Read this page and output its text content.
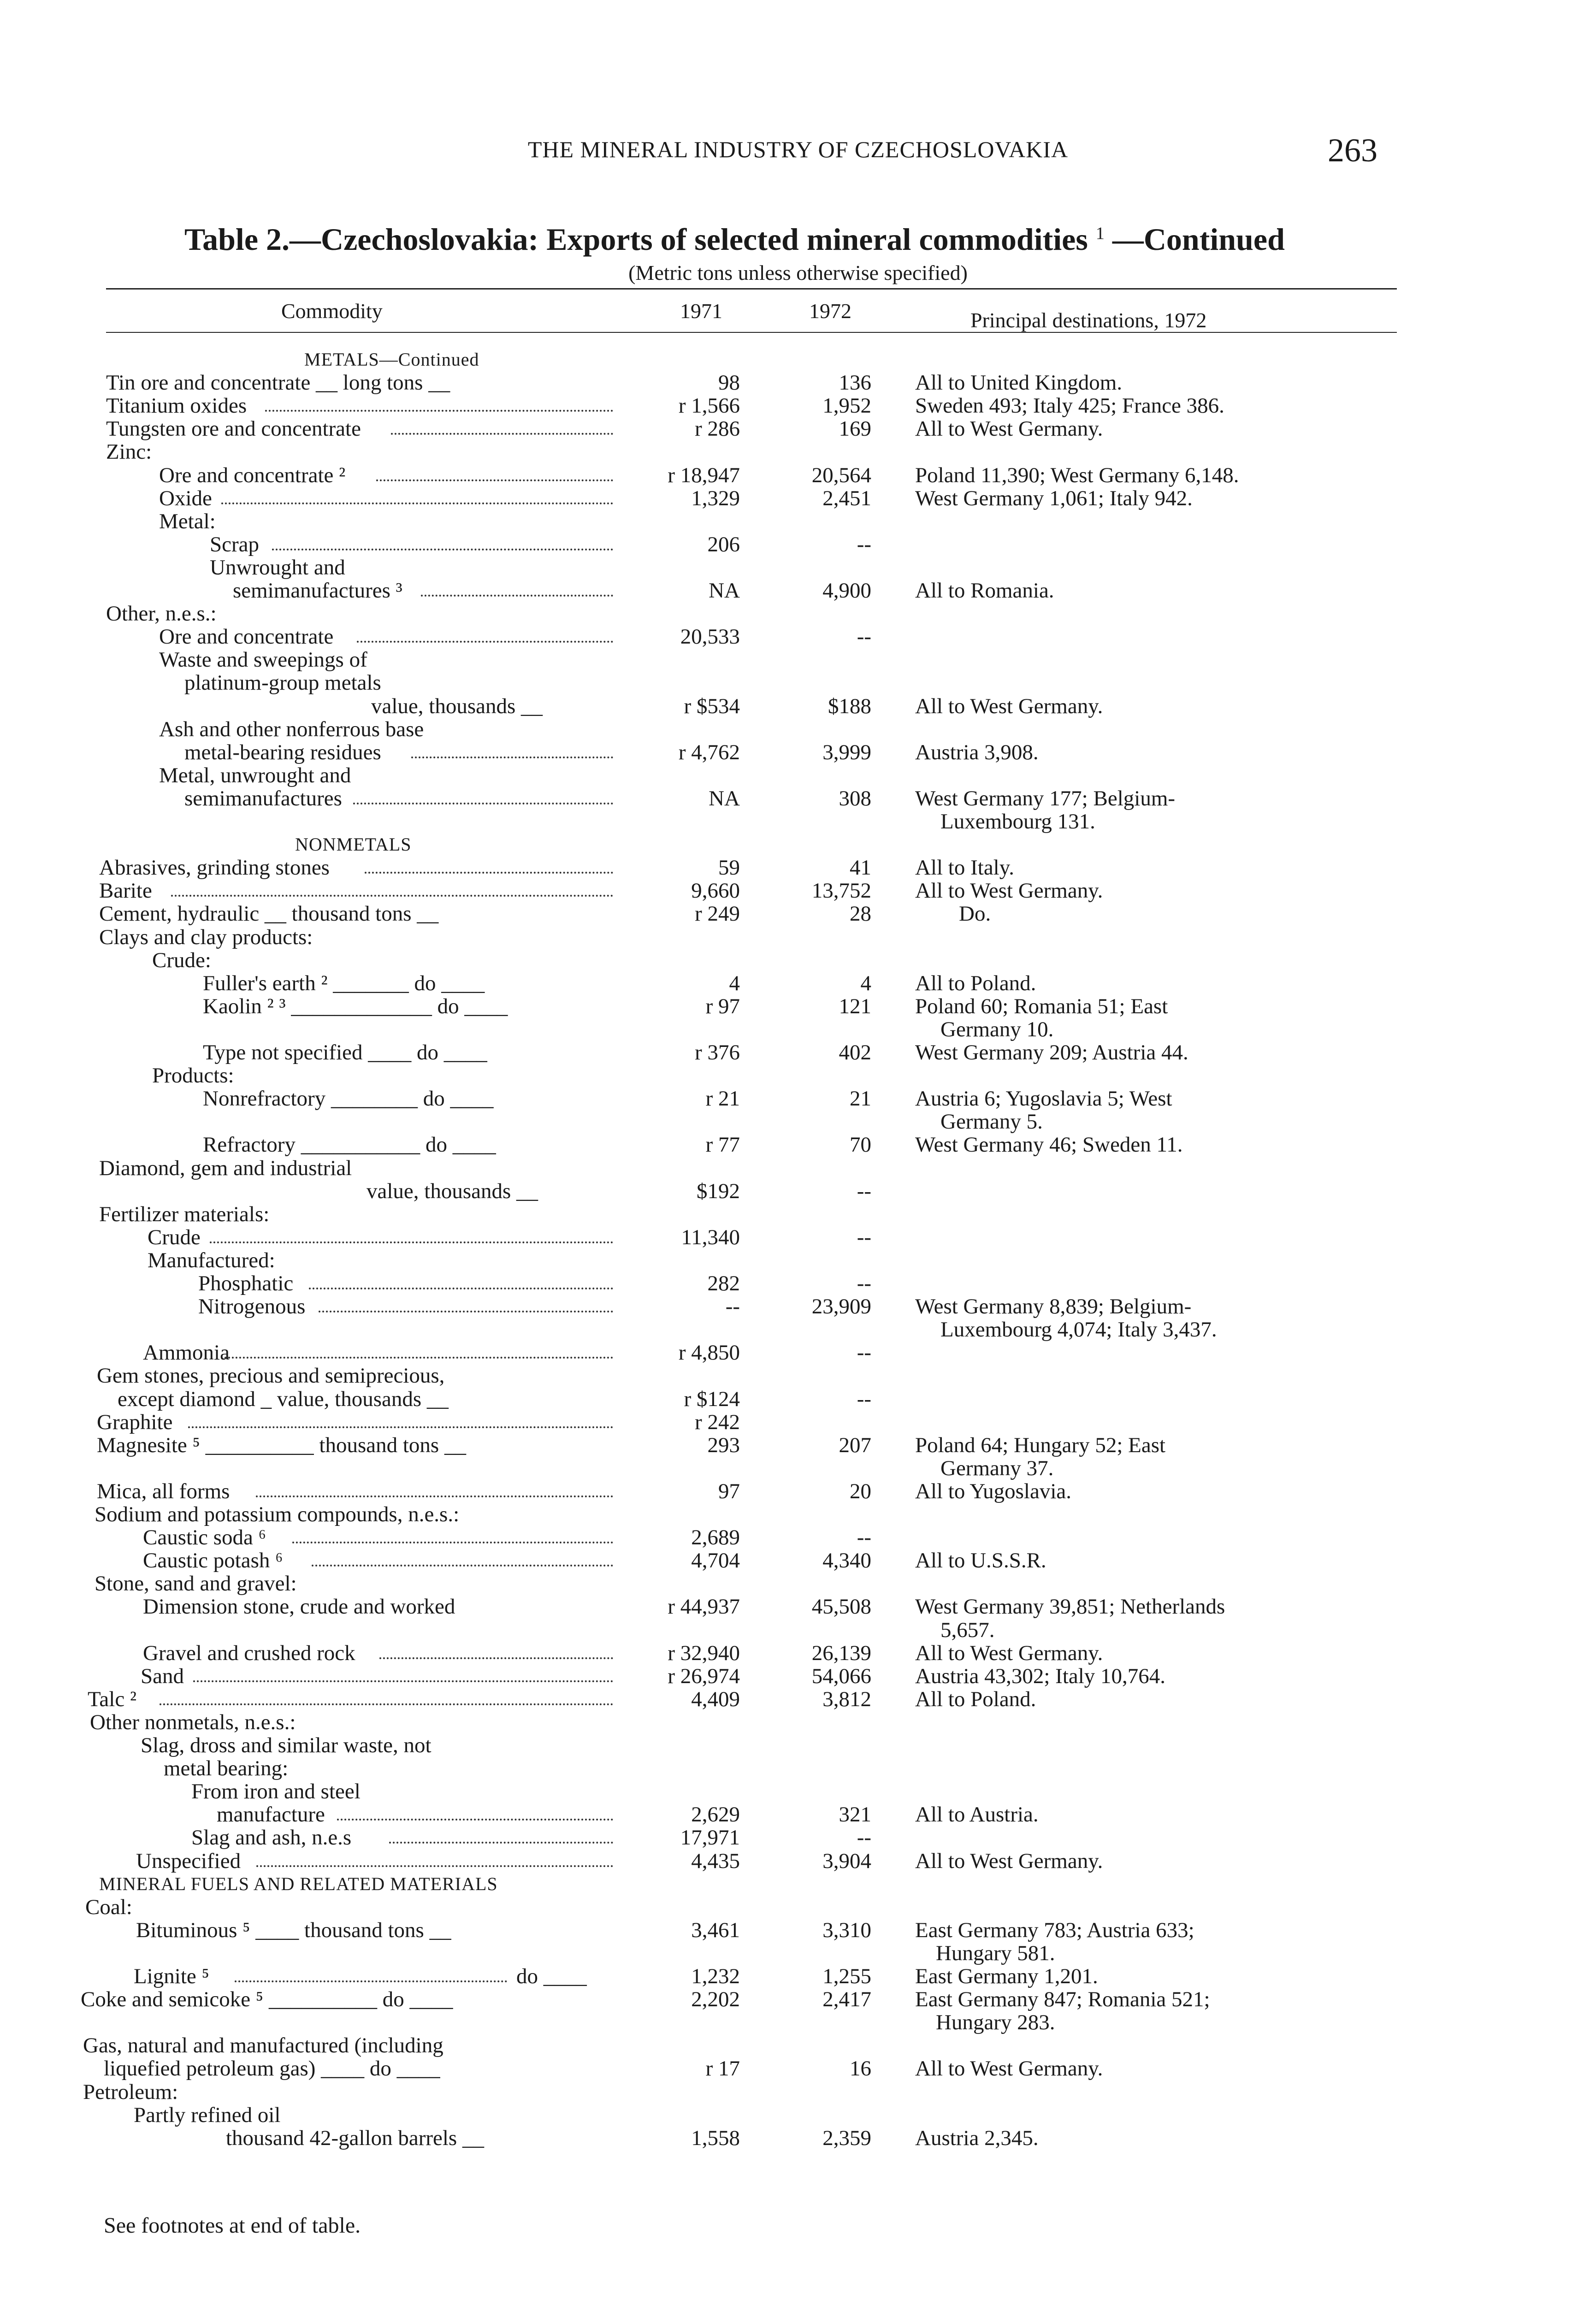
THE MINERAL INDUSTRY OF CZECHOSLOVAKIA	263
Table 2.—Czechoslovakia: Exports of selected mineral commodities $^1$ —Continued
(Metric tons unless otherwise specified)
Commodity	1971	1972	Principal destinations, 1972
METALS—Continued
Tin ore and concentrate __ long tons __	98	136 All to United Kingdom.
Titanium oxides	r 1,566	1,952 Sweden 493; Italy 425; France 386.
Tungsten ore and concentrate	r 286	169 All to West Germany.
Zinc:
Ore and concentrate ²	r 18,947	20,564 Poland 11,390; West Germany 6,148.
Oxide	1,329	2,451 West Germany 1,061; Italy 942.
Metal:
Scrap	206	--
Unwrought and
semimanufactures ³	NA	4,900 All to Romania.
Other, n.e.s.:
Ore and concentrate	20,533	--
Waste and sweepings of
platinum-group metals
value, thousands __	r $534	$188 All to West Germany.
Ash and other nonferrous base
metal-bearing residues	r 4,762	3,999 Austria 3,908.
Metal, unwrought and
semimanufactures	NA	308 West Germany 177; Belgium-
Luxembourg 131.
NONMETALS
Abrasives, grinding stones	59	41 All to Italy.
Barite	9,660	13,752 All to West Germany.
Cement, hydraulic __ thousand tons __	r 249	28	Do.
Clays and clay products:
Crude:
Fuller's earth ² _______ do ____	4	4 All to Poland.
Kaolin ² ³ _____________ do ____	r 97	121 Poland 60; Romania 51; East
Germany 10.
Type not specified ____ do ____	r 376	402 West Germany 209; Austria 44.
Products:
Nonrefractory ________ do ____	r 21	21 Austria 6; Yugoslavia 5; West
Germany 5.
Refractory ___________ do ____	r 77	70 West Germany 46; Sweden 11.
Diamond, gem and industrial
value, thousands __	$192	--
Fertilizer materials:
Crude	11,340	--
Manufactured:
Phosphatic	282	--
Nitrogenous	--	23,909 West Germany 8,839; Belgium-
Luxembourg 4,074; Italy 3,437.
Ammonia	r 4,850	--
Gem stones, precious and semiprecious,
except diamond _ value, thousands __	r $124	--
Graphite	r 242
Magnesite ⁵ __________ thousand tons __	293	207 Poland 64; Hungary 52; East
Germany 37.
Mica, all forms	97	20 All to Yugoslavia.
Sodium and potassium compounds, n.e.s.:
Caustic soda ⁶	2,689	--
Caustic potash ⁶	4,704	4,340 All to U.S.S.R.
Stone, sand and gravel:
Dimension stone, crude and worked	r 44,937	45,508 West Germany 39,851; Netherlands
5,657.
Gravel and crushed rock	r 32,940	26,139 All to West Germany.
Sand	r 26,974	54,066 Austria 43,302; Italy 10,764.
Talc ²	4,409	3,812 All to Poland.
Other nonmetals, n.e.s.:
Slag, dross and similar waste, not
metal bearing:
From iron and steel
manufacture	2,629	321 All to Austria.
Slag and ash, n.e.s	17,971	--
Unspecified	4,435	3,904 All to West Germany.
MINERAL FUELS AND RELATED MATERIALS
Coal:
Bituminous ⁵ ____ thousand tons __	3,461	3,310 East Germany 783; Austria 633;
Hungary 581.
Lignite ⁵	do ____	1,232	1,255 East Germany 1,201.
Coke and semicoke ⁵ __________ do ____	2,202	2,417 East Germany 847; Romania 521;
Hungary 283.
Gas, natural and manufactured (including
liquefied petroleum gas) ____ do ____	r 17	16 All to West Germany.
Petroleum:
Partly refined oil
thousand 42-gallon barrels __	1,558	2,359 Austria 2,345.
See footnotes at end of table.
